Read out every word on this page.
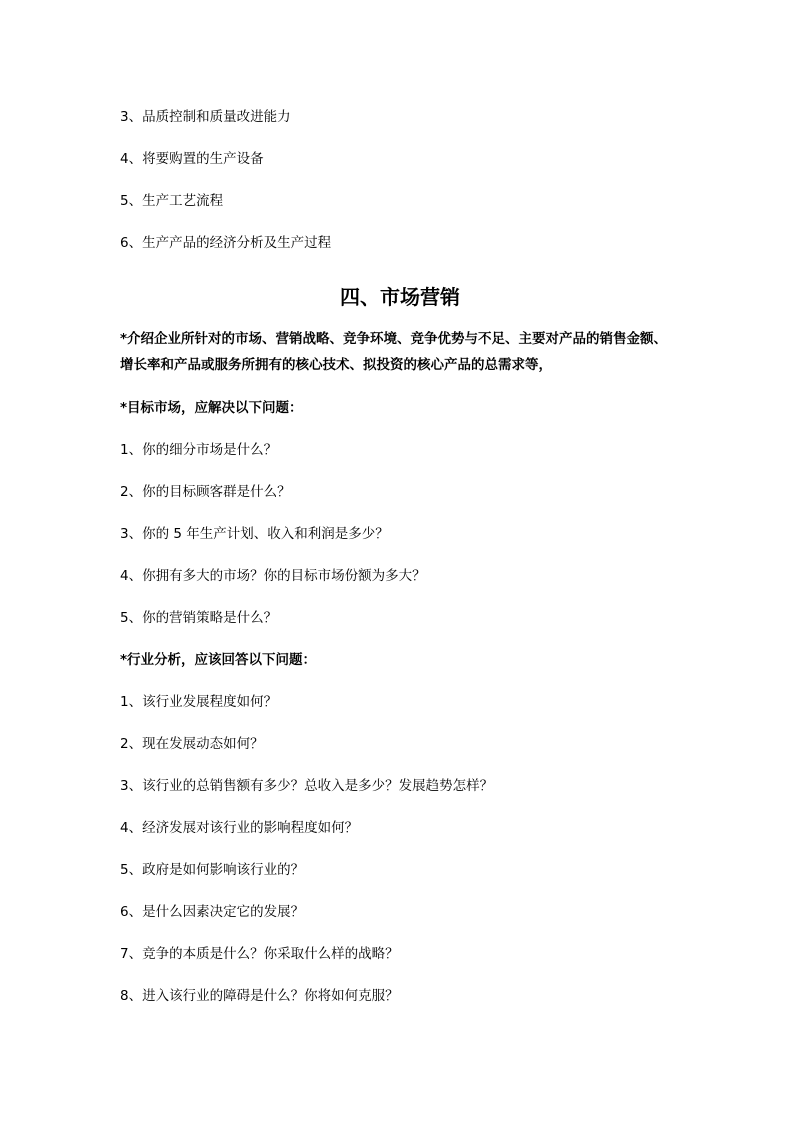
3、品质控制和质量改进能力
4、将要购置的生产设备
5、生产工艺流程
6、生产产品的经济分析及生产过程
四、市场营销
*介绍企业所针对的市场、营销战略、竞争环境、竞争优势与不足、主要对产品的销售金额、
增长率和产品或服务所拥有的核心技术、拟投资的核心产品的总需求等，
*目标市场，应解决以下问题：
1、你的细分市场是什么？
2、你的目标顾客群是什么？
3、你的 5 年生产计划、收入和利润是多少？
4、你拥有多大的市场？你的目标市场份额为多大？
5、你的营销策略是什么？
*行业分析，应该回答以下问题：
1、该行业发展程度如何？
2、现在发展动态如何？
3、该行业的总销售额有多少？总收入是多少？发展趋势怎样？
4、经济发展对该行业的影响程度如何？
5、政府是如何影响该行业的？
6、是什么因素决定它的发展？
7、竞争的本质是什么？你采取什么样的战略？
8、进入该行业的障碍是什么？你将如何克服？
